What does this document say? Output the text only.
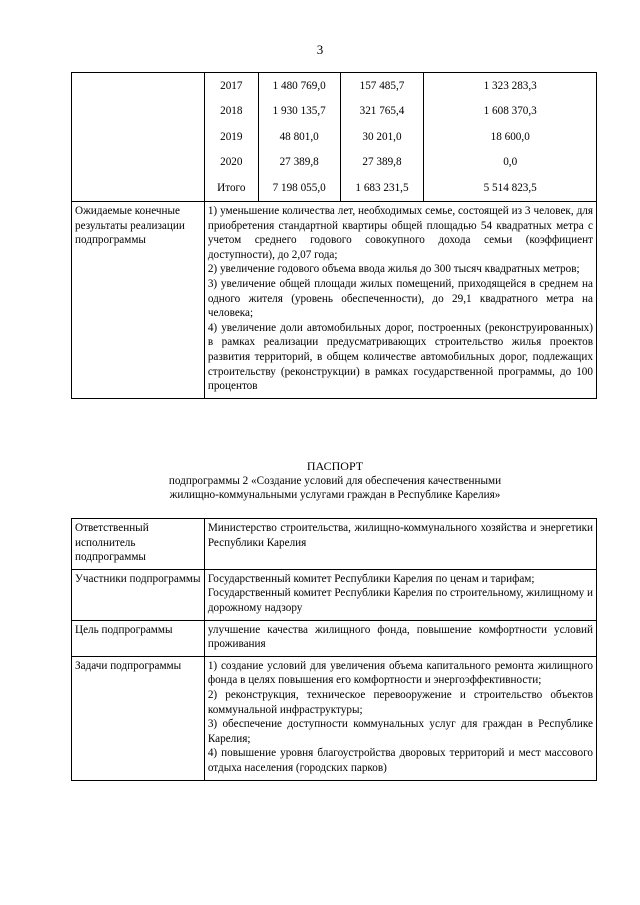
3
	2017	1 480 769,0	157 485,7	1 323 283,3
	2018	1 930 135,7	321 765,4	1 608 370,3
	2019	48 801,0	30 201,0	18 600,0
	2020	27 389,8	27 389,8	0,0
	Итого	7 198 055,0	1 683 231,5	5 514 823,5
Ожидаемые конечные результаты реализации подпрограммы	1) уменьшение количества лет, необходимых семье, состоящей из 3 человек, для приобретения стандартной квартиры общей площадью 54 квадратных метра с учетом среднего годового совокупного дохода семьи (коэффициент доступности), до 2,07 года;

2) увеличение годового объема ввода жилья до 300 тысяч квадратных метров;

3) увеличение общей площади жилых помещений, приходящейся в среднем на одного жителя (уровень обеспеченности), до 29,1 квадратного метра на человека;

4) увеличение доли автомобильных дорог, построенных (реконструированных) в рамках реализации предусматривающих строительство жилья проектов развития территорий, в общем количестве автомобильных дорог, подлежащих строительству (реконструкции) в рамках государственной программы, до 100 процентов			

ПАСПОРТ
подпрограммы 2 «Создание условий для обеспечения качественными
жилищно-коммунальными услугами граждан в Республике Карелия»
Ответственный исполнитель подпрограммы	Министерство строительства, жилищно-коммунального хозяйства и энергетики Республики Карелия

Участники подпрограммы	Государственный комитет Республики Карелия по ценам и тарифам;

Государственный комитет Республики Карелия по строительному, жилищному и дорожному надзору

Цель подпрограммы	улучшение качества жилищного фонда, повышение комфортности условий проживания

Задачи подпрограммы	1) создание условий для увеличения объема капитального ремонта жилищного фонда в целях повышения его комфортности и энергоэффективности;

2) реконструкция, техническое перевооружение и строительство объектов коммунальной инфраструктуры;

3) обеспечение доступности коммунальных услуг для граждан в Республике Карелия;

4) повышение уровня благоустройства дворовых территорий и мест массового отдыха населения (городских парков)
